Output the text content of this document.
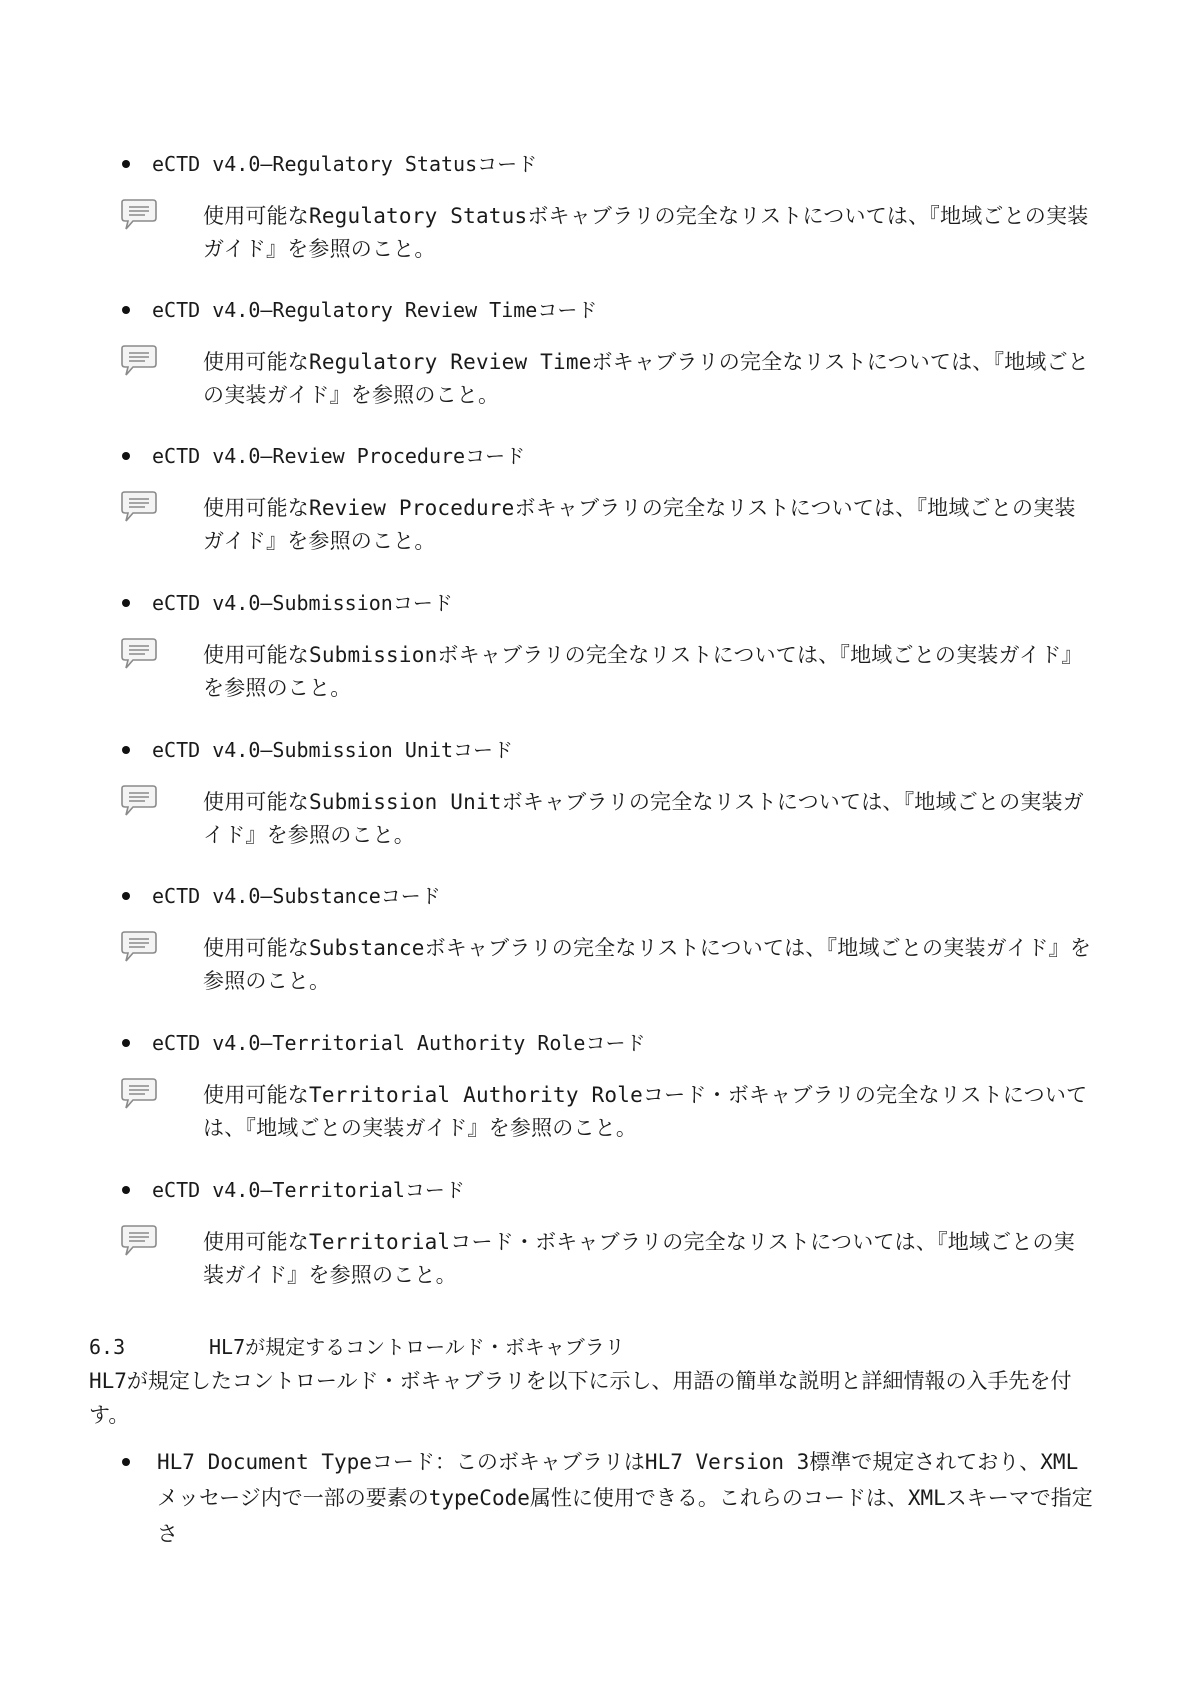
eCTD v4.0―Regulatory Statusコード
使用可能なRegulatory Statusボキャブラリの完全なリストについては、『地域ごとの実装ガイド』を参照のこと。
eCTD v4.0―Regulatory Review Timeコード
使用可能なRegulatory Review Timeボキャブラリの完全なリストについては、『地域ごとの実装ガイド』を参照のこと。
eCTD v4.0―Review Procedureコード
使用可能なReview Procedureボキャブラリの完全なリストについては、『地域ごとの実装ガイド』を参照のこと。
eCTD v4.0―Submissionコード
使用可能なSubmissionボキャブラリの完全なリストについては、『地域ごとの実装ガイド』を参照のこと。
eCTD v4.0―Submission Unitコード
使用可能なSubmission Unitボキャブラリの完全なリストについては、『地域ごとの実装ガイド』を参照のこと。
eCTD v4.0―Substanceコード
使用可能なSubstanceボキャブラリの完全なリストについては、『地域ごとの実装ガイド』を参照のこと。
eCTD v4.0―Territorial Authority Roleコード
使用可能なTerritorial Authority Roleコード・ボキャブラリの完全なリストについては、『地域ごとの実装ガイド』を参照のこと。
eCTD v4.0―Territorialコード
使用可能なTerritorialコード・ボキャブラリの完全なリストについては、『地域ごとの実装ガイド』を参照のこと。
6.3	HL7が規定するコントロールド・ボキャブラリ
HL7が規定したコントロールド・ボキャブラリを以下に示し、用語の簡単な説明と詳細情報の入手先を付す。
HL7 Document Typeコード：このボキャブラリはHL7 Version 3標準で規定されており、XMLメッセージ内で一部の要素のtypeCode属性に使用できる。これらのコードは、XMLスキーマで指定さ
